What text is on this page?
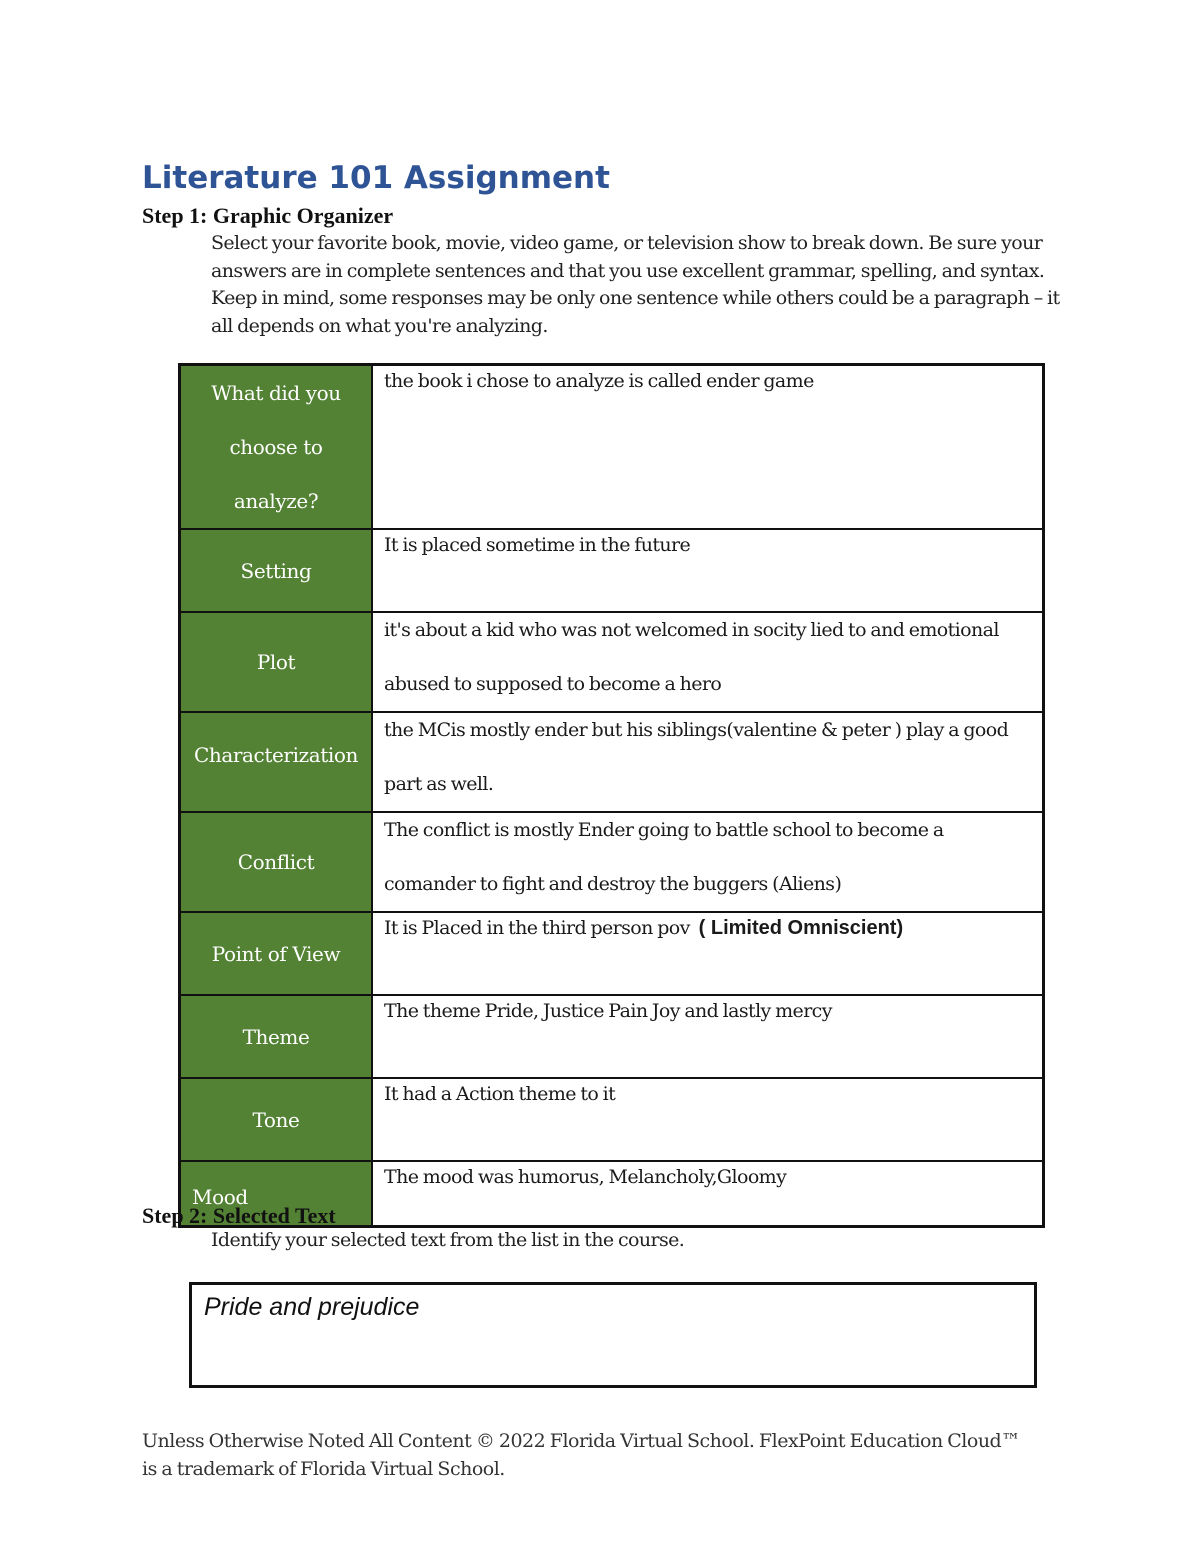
Literature 101 Assignment
Step 1: Graphic Organizer

Select your favorite book, movie, video game, or television show to break down. Be sure your answers are in complete sentences and that you use excellent grammar, spelling, and syntax. Keep in mind, some responses may be only one sentence while others could be a paragraph – it all depends on what you're analyzing.

What did you choose to analyze?	the book i chose to analyze is called ender game
Setting	It is placed sometime in the future
Plot	it's about a kid who was not welcomed in socity lied to and emotional abused to supposed to become a hero

Characterization	the MCis mostly ender but his siblings(valentine & peter ) play a good part as well.

Conflict	The conflict is mostly Ender going to battle school to become a comander to fight and destroy the buggers (Aliens)

Point of View	It is Placed in the third person pov ( Limited Omniscient)
Theme	The theme Pride, Justice Pain Joy and lastly mercy
Tone	It had a Action theme to it
Mood	The mood was humorus, Melancholy,Gloomy
Step 2: Selected Text
Identify your selected text from the list in the course.
Pride and prejudice

Unless Otherwise Noted All Content © 2022 Florida Virtual School. FlexPoint Education Cloud™ is a trademark of Florida Virtual School.
